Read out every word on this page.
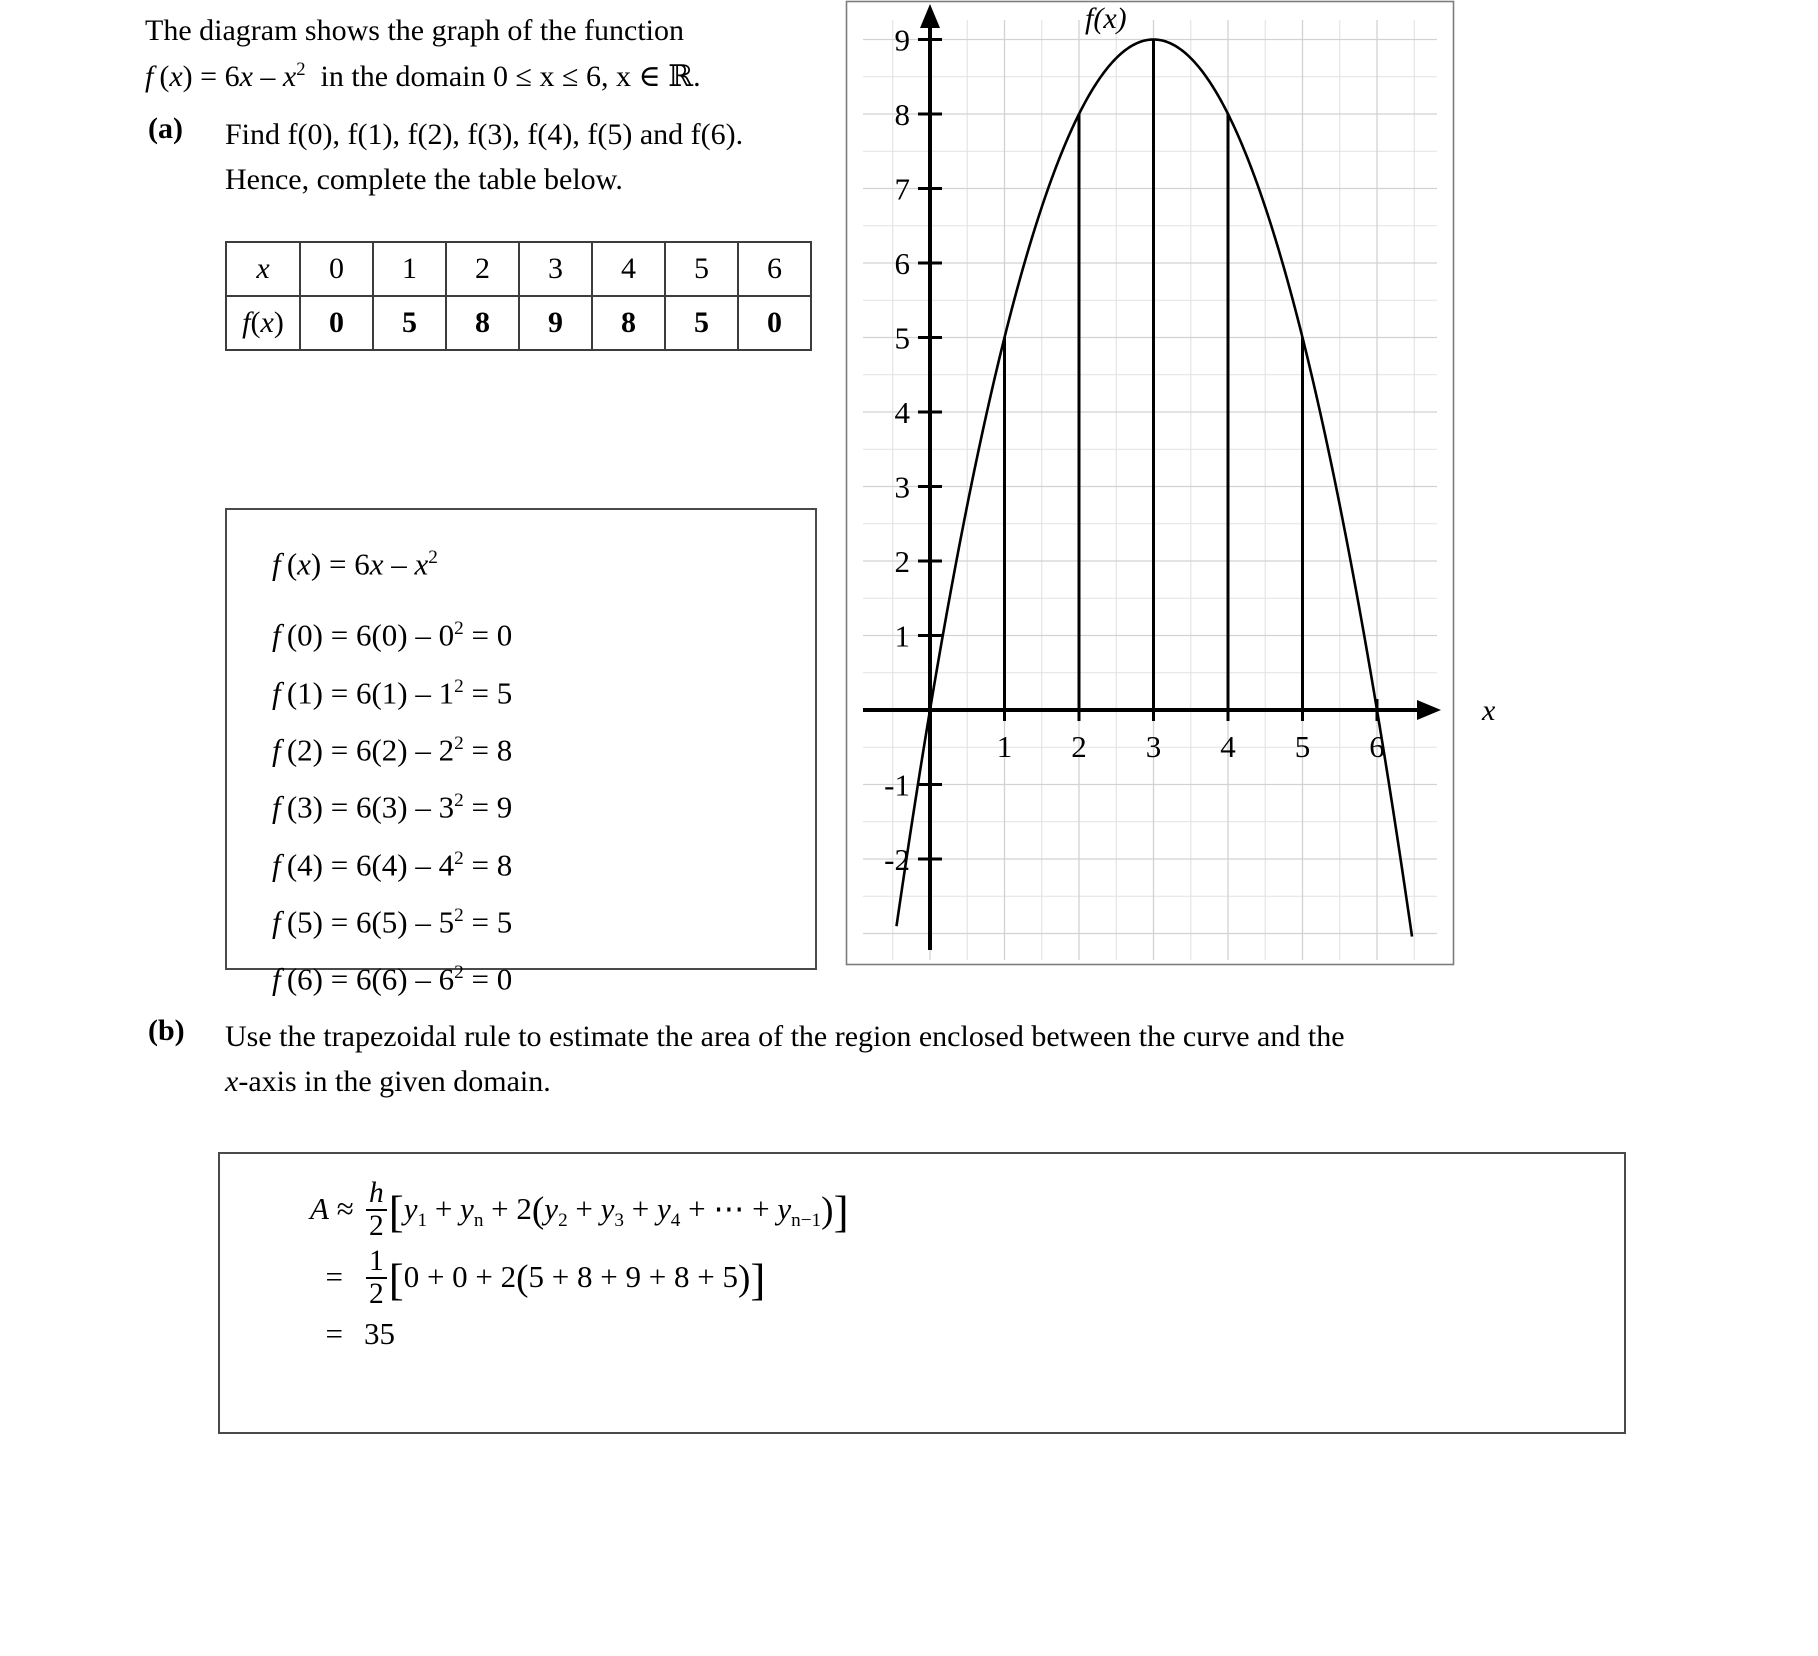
The diagram shows the graph of the function
f $(x) = 6x - x^2$ in the domain 0 ≤ x ≤ 6, x ∈ ℝ.
(a) Find f(0), f(1), f(2), f(3), f(4), f(5) and f(6).
Hence, complete the table below.
x	0	1	2	3	4	5	6
f(x)	0	5	8	9	8	5	0
f $(x) = 6x - x^2$
f $(0) = 6(0) - 0^2 = 0$
f $(1) = 6(1) - 1^2 = 5$
f $(2) = 6(2) - 2^2 = 8$
f $(3) = 6(3) - 3^2 = 9$
f $(4) = 6(4) - 4^2 = 8$
f $(5) = 6(5) - 5^2 = 5$
f $(6) = 6(6) - 6^2 = 0$
9
8
7
6
5
4
3
2
1
-1
-2
1 2 3 4 5 6
f(x)
x
(b) Use the trapezoidal rule to estimate the area of the region enclosed between the curve and the
x-axis in the given domain.
$A \approx \frac{h}{2} [y_1 + y_n + 2(y_2 + y_3 + y_4$ + ⋯ + $y_{n-1}$)]
= $\frac{1}{2} [0 + 0 + 2(5 + 8 + 9 + 8 + 5)]$
= 35
